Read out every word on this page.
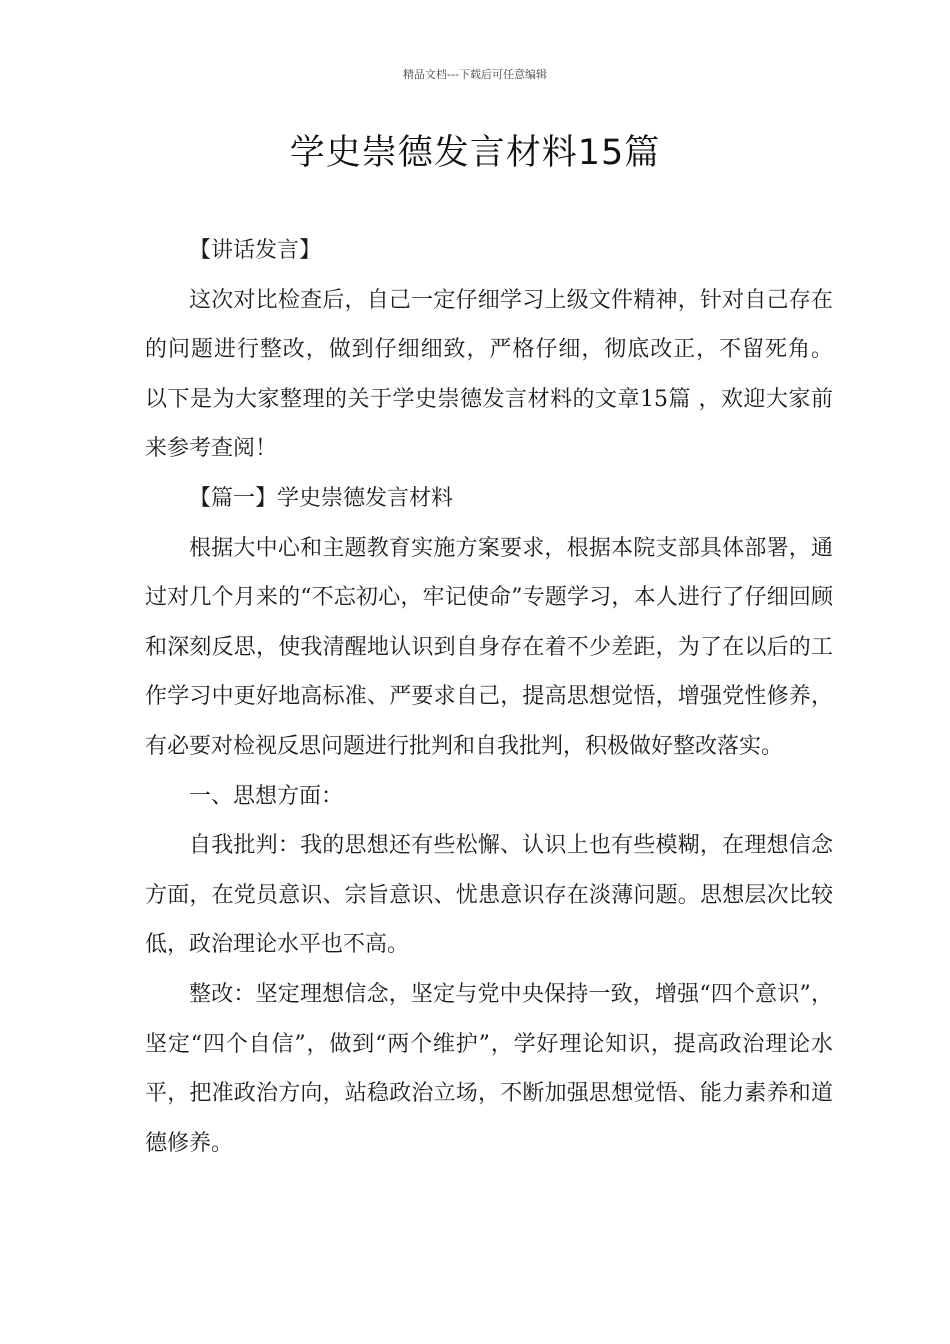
精品文档---下载后可任意编辑
学史崇德发言材料15篇

【讲话发言】

这次对比检查后，自己一定仔细学习上级文件精神，针对自己存在的问题进行整改，做到仔细细致，严格仔细，彻底改正，不留死角。 以下是为大家整理的关于学史崇德发言材料的文章15篇 ，欢迎大家前来参考查阅！

【篇一】学史崇德发言材料

根据大中心和主题教育实施方案要求，根据本院支部具体部署，通过对几个月来的“不忘初心，牢记使命”专题学习，本人进行了仔细回顾和深刻反思，使我清醒地认识到自身存在着不少差距，为了在以后的工作学习中更好地高标准、严要求自己，提高思想觉悟，增强党性修养，有必要对检视反思问题进行批判和自我批判，积极做好整改落实。

一、思想方面：

自我批判：我的思想还有些松懈、认识上也有些模糊，在理想信念方面，在党员意识、宗旨意识、忧患意识存在淡薄问题。思想层次比较低，政治理论水平也不高。

整改：坚定理想信念，坚定与党中央保持一致，增强“四个意识”，坚定“四个自信”，做到“两个维护”，学好理论知识，提高政治理论水平，把准政治方向，站稳政治立场，不断加强思想觉悟、能力素养和道德修养。
